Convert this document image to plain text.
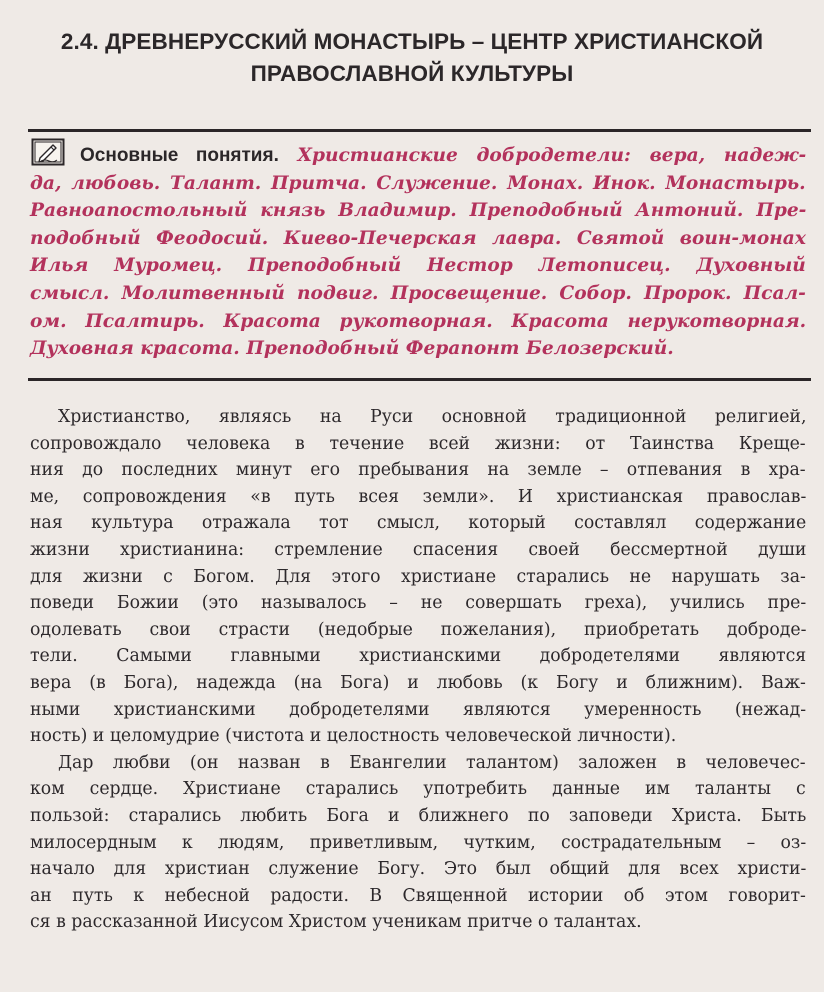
2.4. ДРЕВНЕРУССКИЙ МОНАСТЫРЬ – ЦЕНТР ХРИСТИАНСКОЙ
ПРАВОСЛАВНОЙ КУЛЬТУРЫ
Основные понятия. Христианские добродетели: вера, надеж-
да, любовь. Талант. Притча. Служение. Монах. Инок. Монастырь.
Равноапостольный князь Владимир. Преподобный Антоний. Пре-
подобный Феодосий. Киево-Печерская лавра. Святой воин-монах
Илья Муромец. Преподобный Нестор Летописец. Духовный
смысл. Молитвенный подвиг. Просвещение. Собор. Пророк. Псал-
ом. Псалтирь. Красота рукотворная. Красота нерукотворная.
Духовная красота. Преподобный Ферапонт Белозерский.
Христианство, являясь на Руси основной традиционной религией,
сопровождало человека в течение всей жизни: от Таинства Креще-
ния до последних минут его пребывания на земле – отпевания в хра-
ме, сопровождения «в путь всея земли». И христианская православ-
ная культура отражала тот смысл, который составлял содержание
жизни христианина: стремление спасения своей бессмертной души
для жизни с Богом. Для этого христиане старались не нарушать за-
поведи Божии (это называлось – не совершать греха), учились пре-
одолевать свои страсти (недобрые пожелания), приобретать доброде-
тели. Самыми главными христианскими добродетелями являются
вера (в Бога), надежда (на Бога) и любовь (к Богу и ближним). Важ-
ными христианскими добродетелями являются умеренность (нежад-
ность) и целомудрие (чистота и целостность человеческой личности).
Дар любви (он назван в Евангелии талантом) заложен в человечес-
ком сердце. Христиане старались употребить данные им таланты с
пользой: старались любить Бога и ближнего по заповеди Христа. Быть
милосердным к людям, приветливым, чутким, сострадательным – оз-
начало для христиан служение Богу. Это был общий для всех христи-
ан путь к небесной радости. В Священной истории об этом говорит-
ся в рассказанной Иисусом Христом ученикам притче о талантах.
